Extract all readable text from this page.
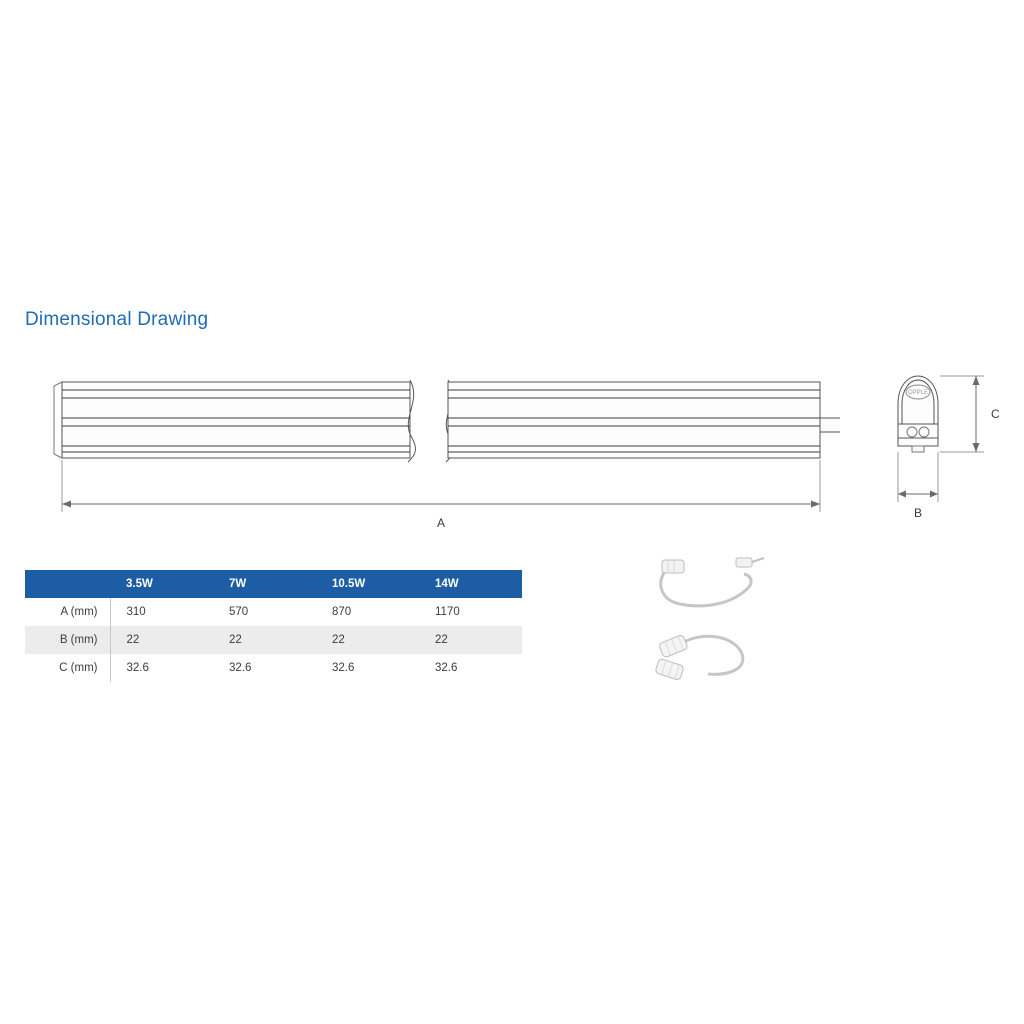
Dimensional Drawing
A
OPPLE
C
B
	3.5W	7W	10.5W	14W
A (mm)	310	570	870	1170
B (mm)	22	22	22	22
C (mm)	32.6	32.6	32.6	32.6
